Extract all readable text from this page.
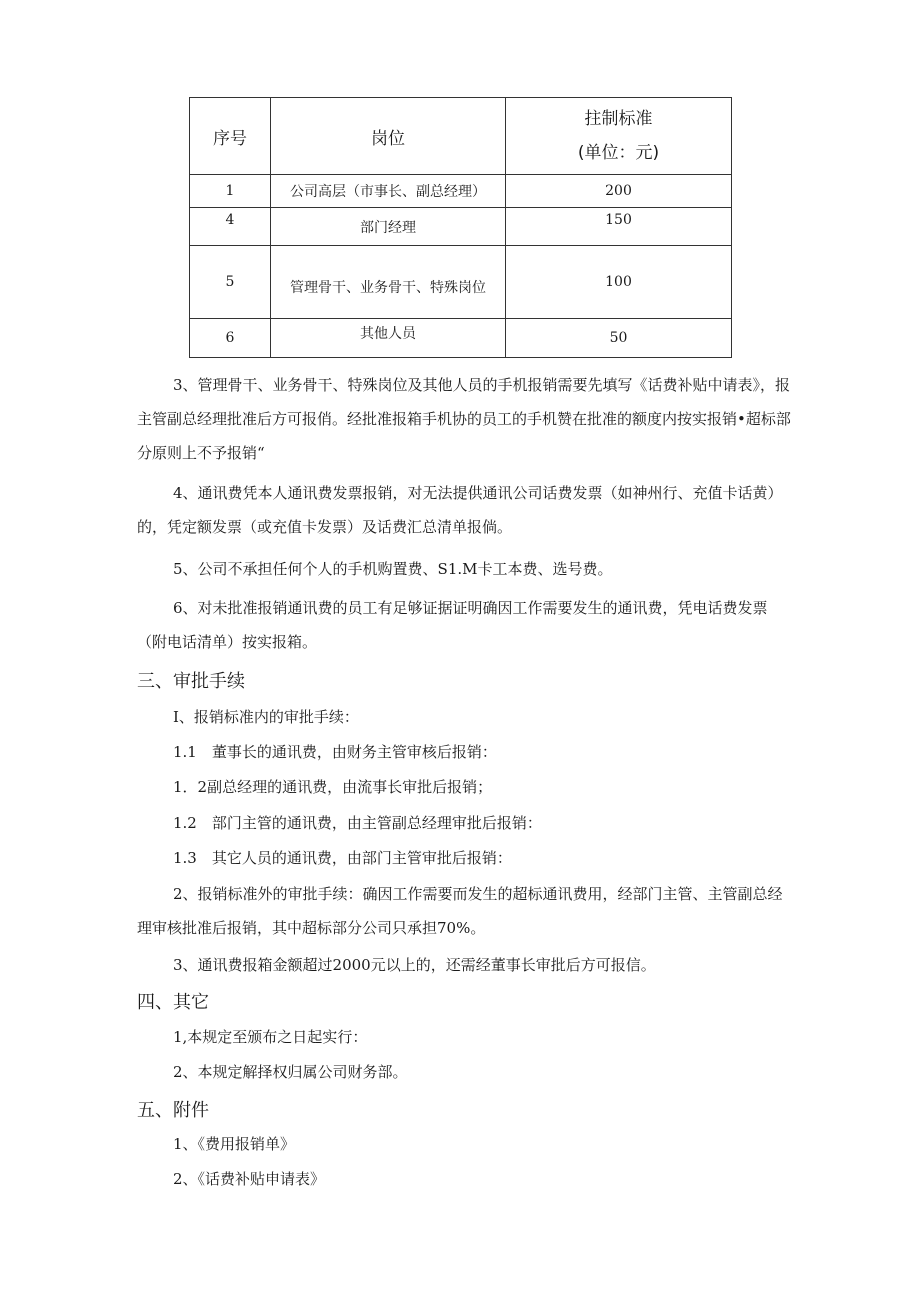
序号	岗位	拄制标准
(单位：元)

1	公司高层（市事长、副总经理）	200
4	部门经理	150
5	管理骨干、业务骨干、特殊岗位	100
6	其他人员	50
3、管理骨干、业务骨干、特殊岗位及其他人员的手机报销需要先填写《话费补贴中请表》，报主管副总经理批准后方可报俏。经批准报箱手机协的员工的手机赞在批准的额度内按实报销•超标部分原则上不予报销“
4、通讯费凭本人通讯费发票报销，对无法提供通讯公司话费发票（如神州行、充值卡话黄）的，凭定额发票（或充值卡发票）及话费汇总清单报倘。
5、公司不承担任何个人的手机购置费、S1.M卡工本费、选号费。
6、对未批准报销通讯费的员工有足够证据证明确因工作需要发生的通讯费，凭电话费发票（附电话清单）按实报箱。
三、审批手续
I、报销标准内的审批手续：
1.1　董事长的通讯费，由财务主管审核后报销：
1．2副总经理的通讯费，由流事长审批后报销；
1.2　部门主管的通讯费，由主管副总经理审批后报销：
1.3　其它人员的通讯费，由部门主管审批后报销：
2、报销标准外的审批手续：确因工作需要而发生的超标通讯费用，经部门主管、主管副总经理审核批准后报销，其中超标部分公司只承担70%。
3、通讯费报箱金额超过2000元以上的，还需经董事长审批后方可报信。
四、其它
1,本规定至颁布之日起实行：
2、本规定解择权归属公司财务部。
五、附件
1、《费用报销单》
2、《话费补贴申请表》
